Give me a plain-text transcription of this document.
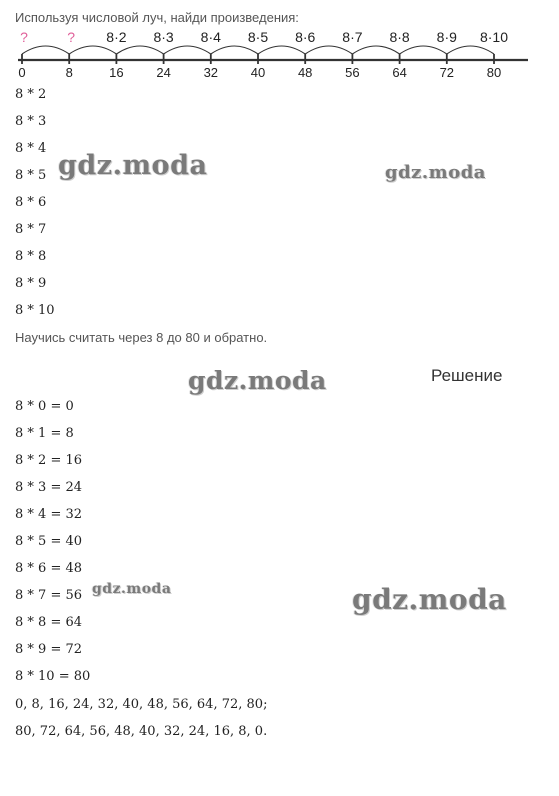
Используя числовой луч, найди произведения:
?	? 8·2 8·3 8·4 8·5 8·6 8·7 8·8 8·9 8·10
0	8	16	24	32	40	48	56	64	72	80
8 * 2
8 * 3
8 * 4
8 * 5
8 * 6
8 * 7
8 * 8
8 * 9
8 * 10
Научись считать через 8 до 80 и обратно.
Решение
8 * 0 = 0
8 * 1 = 8
8 * 2 = 16
8 * 3 = 24
8 * 4 = 32
8 * 5 = 40
8 * 6 = 48
8 * 7 = 56
8 * 8 = 64
8 * 9 = 72
8 * 10 = 80
0, 8, 16, 24, 32, 40, 48, 56, 64, 72, 80;
80, 72, 64, 56, 48, 40, 32, 24, 16, 8, 0.
gdz.moda	gdz.moda
gdz.moda
gdz.moda	gdz.moda
